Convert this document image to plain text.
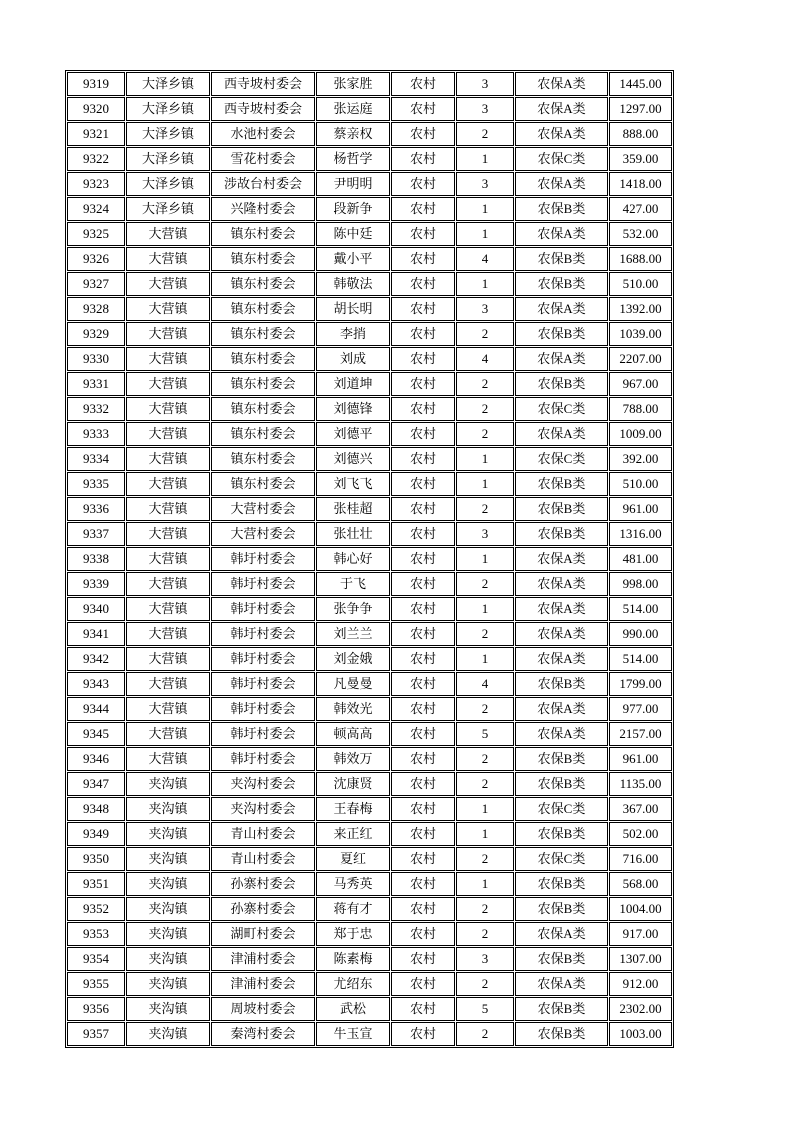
9319	大泽乡镇	西寺坡村委会	张家胜	农村	3	农保A类	1445.00
9320	大泽乡镇	西寺坡村委会	张运庭	农村	3	农保A类	1297.00
9321	大泽乡镇	水池村委会	蔡亲权	农村	2	农保A类	888.00
9322	大泽乡镇	雪花村委会	杨哲学	农村	1	农保C类	359.00
9323	大泽乡镇	涉故台村委会	尹明明	农村	3	农保A类	1418.00
9324	大泽乡镇	兴隆村委会	段新争	农村	1	农保B类	427.00
9325	大营镇	镇东村委会	陈中廷	农村	1	农保A类	532.00
9326	大营镇	镇东村委会	戴小平	农村	4	农保B类	1688.00
9327	大营镇	镇东村委会	韩敬法	农村	1	农保B类	510.00
9328	大营镇	镇东村委会	胡长明	农村	3	农保A类	1392.00
9329	大营镇	镇东村委会	李捎	农村	2	农保B类	1039.00
9330	大营镇	镇东村委会	刘成	农村	4	农保A类	2207.00
9331	大营镇	镇东村委会	刘道坤	农村	2	农保B类	967.00
9332	大营镇	镇东村委会	刘德锋	农村	2	农保C类	788.00
9333	大营镇	镇东村委会	刘德平	农村	2	农保A类	1009.00
9334	大营镇	镇东村委会	刘德兴	农村	1	农保C类	392.00
9335	大营镇	镇东村委会	刘飞飞	农村	1	农保B类	510.00
9336	大营镇	大营村委会	张桂超	农村	2	农保B类	961.00
9337	大营镇	大营村委会	张壮壮	农村	3	农保B类	1316.00
9338	大营镇	韩圩村委会	韩心好	农村	1	农保A类	481.00
9339	大营镇	韩圩村委会	于飞	农村	2	农保A类	998.00
9340	大营镇	韩圩村委会	张争争	农村	1	农保A类	514.00
9341	大营镇	韩圩村委会	刘兰兰	农村	2	农保A类	990.00
9342	大营镇	韩圩村委会	刘金娥	农村	1	农保A类	514.00
9343	大营镇	韩圩村委会	凡曼曼	农村	4	农保B类	1799.00
9344	大营镇	韩圩村委会	韩效光	农村	2	农保A类	977.00
9345	大营镇	韩圩村委会	顿高高	农村	5	农保A类	2157.00
9346	大营镇	韩圩村委会	韩效万	农村	2	农保B类	961.00
9347	夹沟镇	夹沟村委会	沈康贤	农村	2	农保B类	1135.00
9348	夹沟镇	夹沟村委会	王春梅	农村	1	农保C类	367.00
9349	夹沟镇	青山村委会	来正红	农村	1	农保B类	502.00
9350	夹沟镇	青山村委会	夏红	农村	2	农保C类	716.00
9351	夹沟镇	孙寨村委会	马秀英	农村	1	农保B类	568.00
9352	夹沟镇	孙寨村委会	蒋有才	农村	2	农保B类	1004.00
9353	夹沟镇	湖町村委会	郑于忠	农村	2	农保A类	917.00
9354	夹沟镇	津浦村委会	陈素梅	农村	3	农保B类	1307.00
9355	夹沟镇	津浦村委会	尤绍东	农村	2	农保A类	912.00
9356	夹沟镇	周坡村委会	武松	农村	5	农保B类	2302.00
9357	夹沟镇	秦湾村委会	牛玉宣	农村	2	农保B类	1003.00
